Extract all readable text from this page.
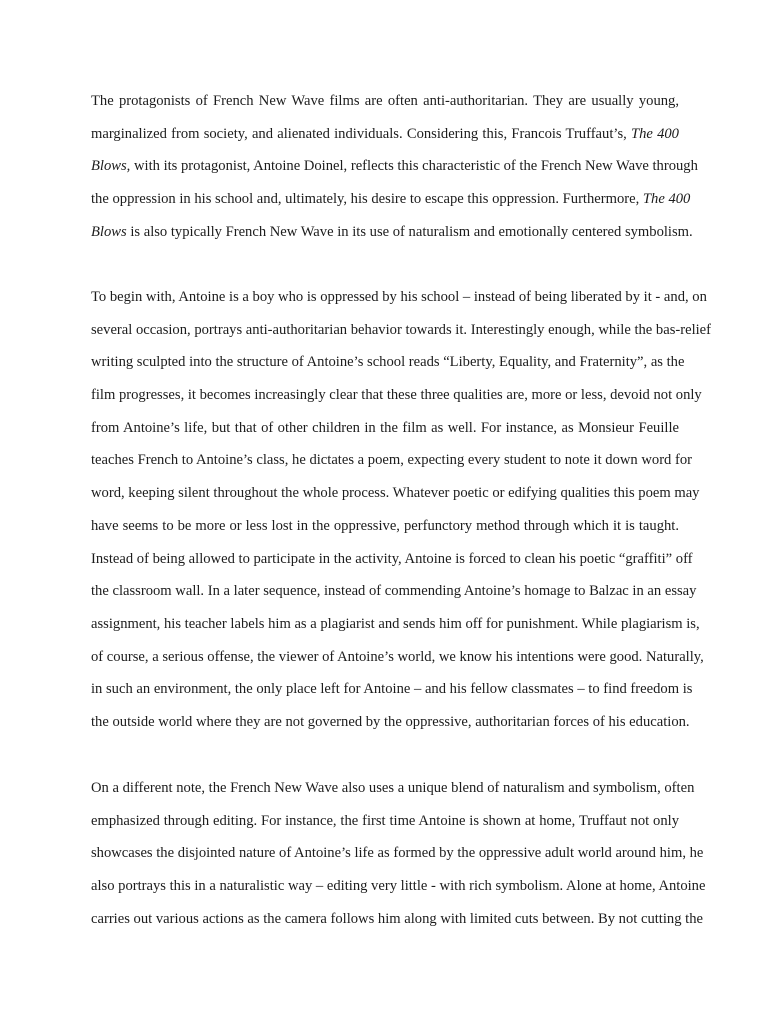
The protagonists of French New Wave films are often anti-authoritarian. They are usually young,
marginalized from society, and alienated individuals. Considering this, Francois Truffaut’s, The 400
Blows, with its protagonist, Antoine Doinel, reflects this characteristic of the French New Wave through
the oppression in his school and, ultimately, his desire to escape this oppression. Furthermore, The 400
Blows is also typically French New Wave in its use of naturalism and emotionally centered symbolism.
To begin with, Antoine is a boy who is oppressed by his school – instead of being liberated by it - and, on
several occasion, portrays anti-authoritarian behavior towards it. Interestingly enough, while the bas-relief
writing sculpted into the structure of Antoine’s school reads “Liberty, Equality, and Fraternity”, as the
film progresses, it becomes increasingly clear that these three qualities are, more or less, devoid not only
from Antoine’s life, but that of other children in the film as well. For instance, as Monsieur Feuille
teaches French to Antoine’s class, he dictates a poem, expecting every student to note it down word for
word, keeping silent throughout the whole process. Whatever poetic or edifying qualities this poem may
have seems to be more or less lost in the oppressive, perfunctory method through which it is taught.
Instead of being allowed to participate in the activity, Antoine is forced to clean his poetic “graffiti” off
the classroom wall. In a later sequence, instead of commending Antoine’s homage to Balzac in an essay
assignment, his teacher labels him as a plagiarist and sends him off for punishment. While plagiarism is,
of course, a serious offense, the viewer of Antoine’s world, we know his intentions were good. Naturally,
in such an environment, the only place left for Antoine – and his fellow classmates – to find freedom is
the outside world where they are not governed by the oppressive, authoritarian forces of his education.
On a different note, the French New Wave also uses a unique blend of naturalism and symbolism, often
emphasized through editing. For instance, the first time Antoine is shown at home, Truffaut not only
showcases the disjointed nature of Antoine’s life as formed by the oppressive adult world around him, he
also portrays this in a naturalistic way – editing very little - with rich symbolism. Alone at home, Antoine
carries out various actions as the camera follows him along with limited cuts between. By not cutting the
